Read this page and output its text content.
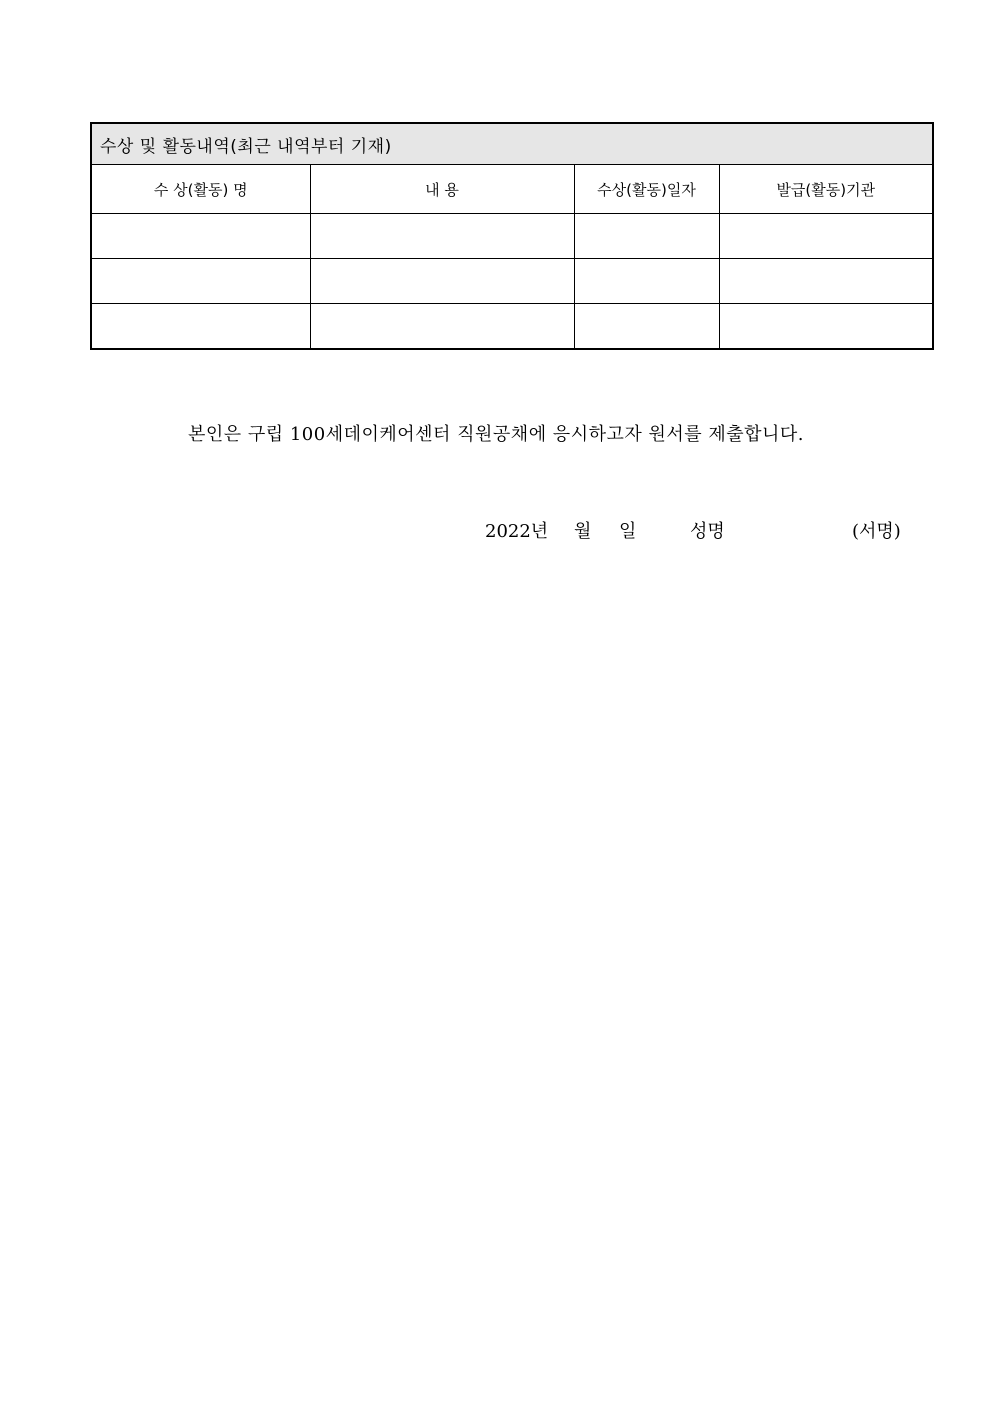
수상 및 활동내역(최근 내역부터 기재)			
수 상(활동) 명	내 용	수상(활동)일자	발급(활동)기관

본인은 구립 100세데이케어센터 직원공채에 응시하고자 원서를 제출합니다.
2022년 월 일	성명	(서명)
